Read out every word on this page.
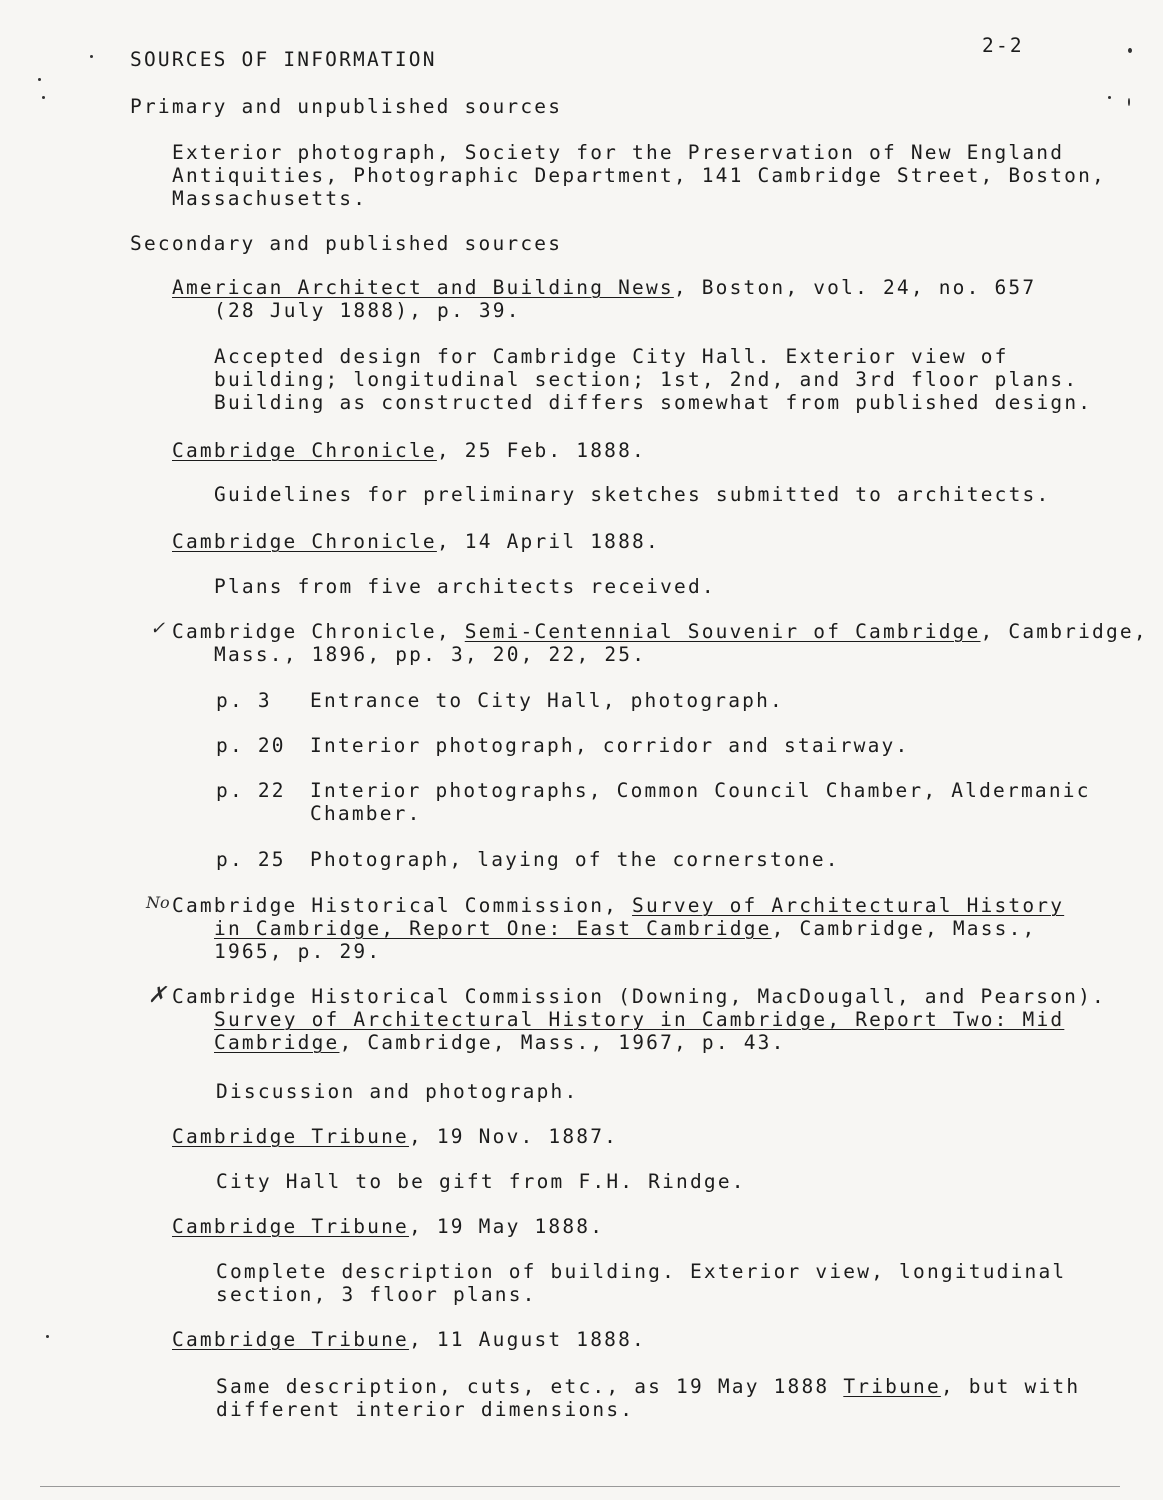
2-2
SOURCES OF INFORMATION
Primary and unpublished sources
Exterior photograph, Society for the Preservation of New England
Antiquities, Photographic Department, 141 Cambridge Street, Boston,
Massachusetts.
Secondary and published sources
American Architect and Building News, Boston, vol. 24, no. 657
(28 July 1888), p. 39.
Accepted design for Cambridge City Hall. Exterior view of
building; longitudinal section; 1st, 2nd, and 3rd floor plans.
Building as constructed differs somewhat from published design.
Cambridge Chronicle, 25 Feb. 1888.
Guidelines for preliminary sketches submitted to architects.
Cambridge Chronicle, 14 April 1888.
Plans from five architects received.
✓ Cambridge Chronicle, Semi-Centennial Souvenir of Cambridge, Cambridge,
Mass., 1896, pp. 3, 20, 22, 25.
p. 3 Entrance to City Hall, photograph.
p. 20 Interior photograph, corridor and stairway.
p. 22 Interior photographs, Common Council Chamber, Aldermanic
Chamber.
p. 25 Photograph, laying of the cornerstone.
No Cambridge Historical Commission, Survey of Architectural History
in Cambridge, Report One: East Cambridge, Cambridge, Mass.,
1965, p. 29.
✗ Cambridge Historical Commission (Downing, MacDougall, and Pearson).
Survey of Architectural History in Cambridge, Report Two: Mid
Cambridge, Cambridge, Mass., 1967, p. 43.
Discussion and photograph.
Cambridge Tribune, 19 Nov. 1887.
City Hall to be gift from F.H. Rindge.
Cambridge Tribune, 19 May 1888.
Complete description of building. Exterior view, longitudinal
section, 3 floor plans.
Cambridge Tribune, 11 August 1888.
Same description, cuts, etc., as 19 May 1888 Tribune, but with
different interior dimensions.
